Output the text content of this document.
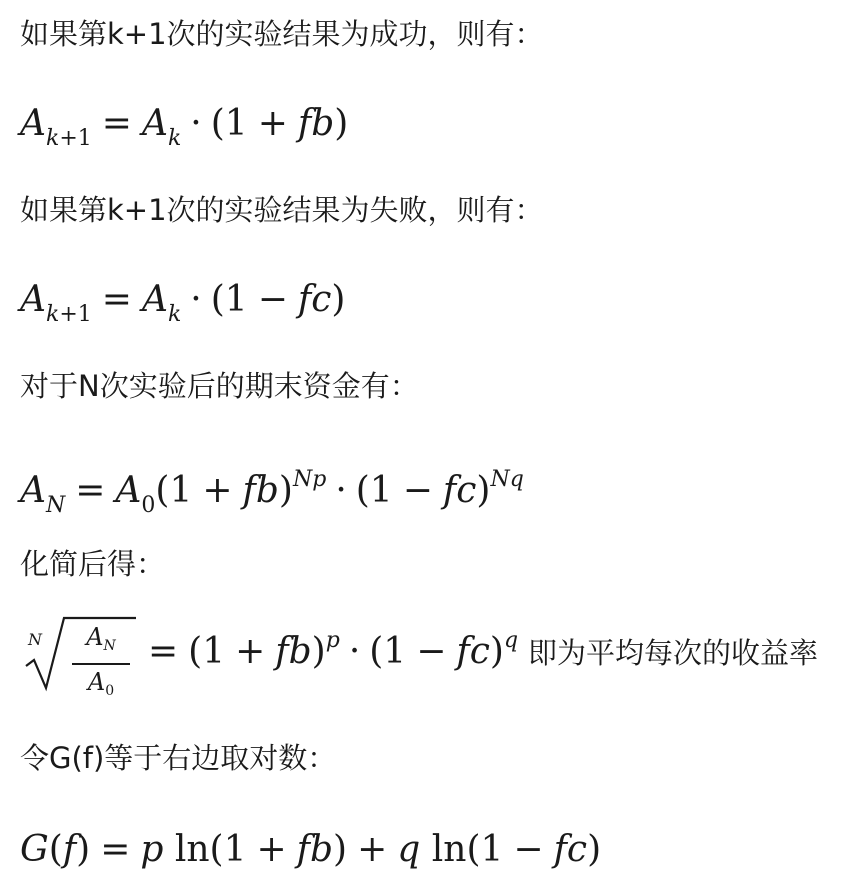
如果第k+1次的实验结果为成功，则有：
$A_{k+1} = A_k \cdot (1 + fb)$
如果第k+1次的实验结果为失败，则有：
$A_{k+1} = A_k \cdot (1 - fc)$
对于N次实验后的期末资金有：
$A_N = A_0(1 + fb)^{Np} \cdot (1 - fc)^{Nq}$
化简后得：
N	$A_N$
$A_0$
= (1 + fb)$^p$ · (1 − fc)$^q$ 即为平均每次的收益率
令G(f)等于右边取对数：
G(f) = p ln(1 + fb) + q ln(1 − fc)
